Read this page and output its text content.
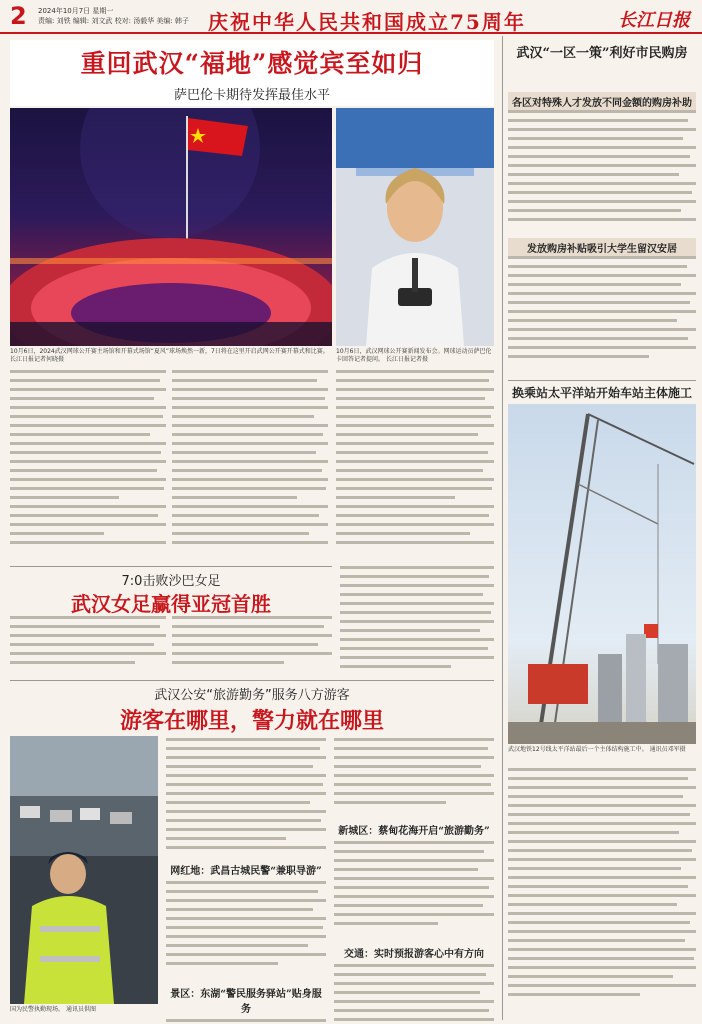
2 2024年10月7日 星期一
责编: 刘铁 编辑: 刘文武 校对: 汤毅华 美编: 韩子 庆祝中华人民共和国成立75周年	长江日报
重回武汉“福地”感觉宾至如归
萨巴伦卡期待发挥最佳水平
10月6日，2024武汉网球公开赛主场馆和开幕式场馆“夏风”球场焕然一新，7日将在这里开启武网公开赛开幕式和比赛。 长江日报记者何晓摄
10月6日，武汉网球公开赛新闻发布会。网球运动员萨巴伦卡回答记者提问。 长江日报记者摄
7:0击败沙巴女足
武汉女足赢得亚冠首胜
武汉公安“旅游勤务”服务八方游客
游客在哪里，警力就在哪里
国为民警执勤现场。 通讯员供图
网红地：武昌古城民警“兼职导游”
景区：东湖“警民服务驿站”贴身服务
新城区：蔡甸花海开启“旅游勤务”
交通：实时预报游客心中有方向
武汉“一区一策”利好市民购房
各区对特殊人才发放不同金额的购房补助
发放购房补贴吸引大学生留汉安居
换乘站太平洋站开始车站主体施工
武汉地铁12号线太平洋站最后一个主体结构施工中。 通讯员邓军摄
